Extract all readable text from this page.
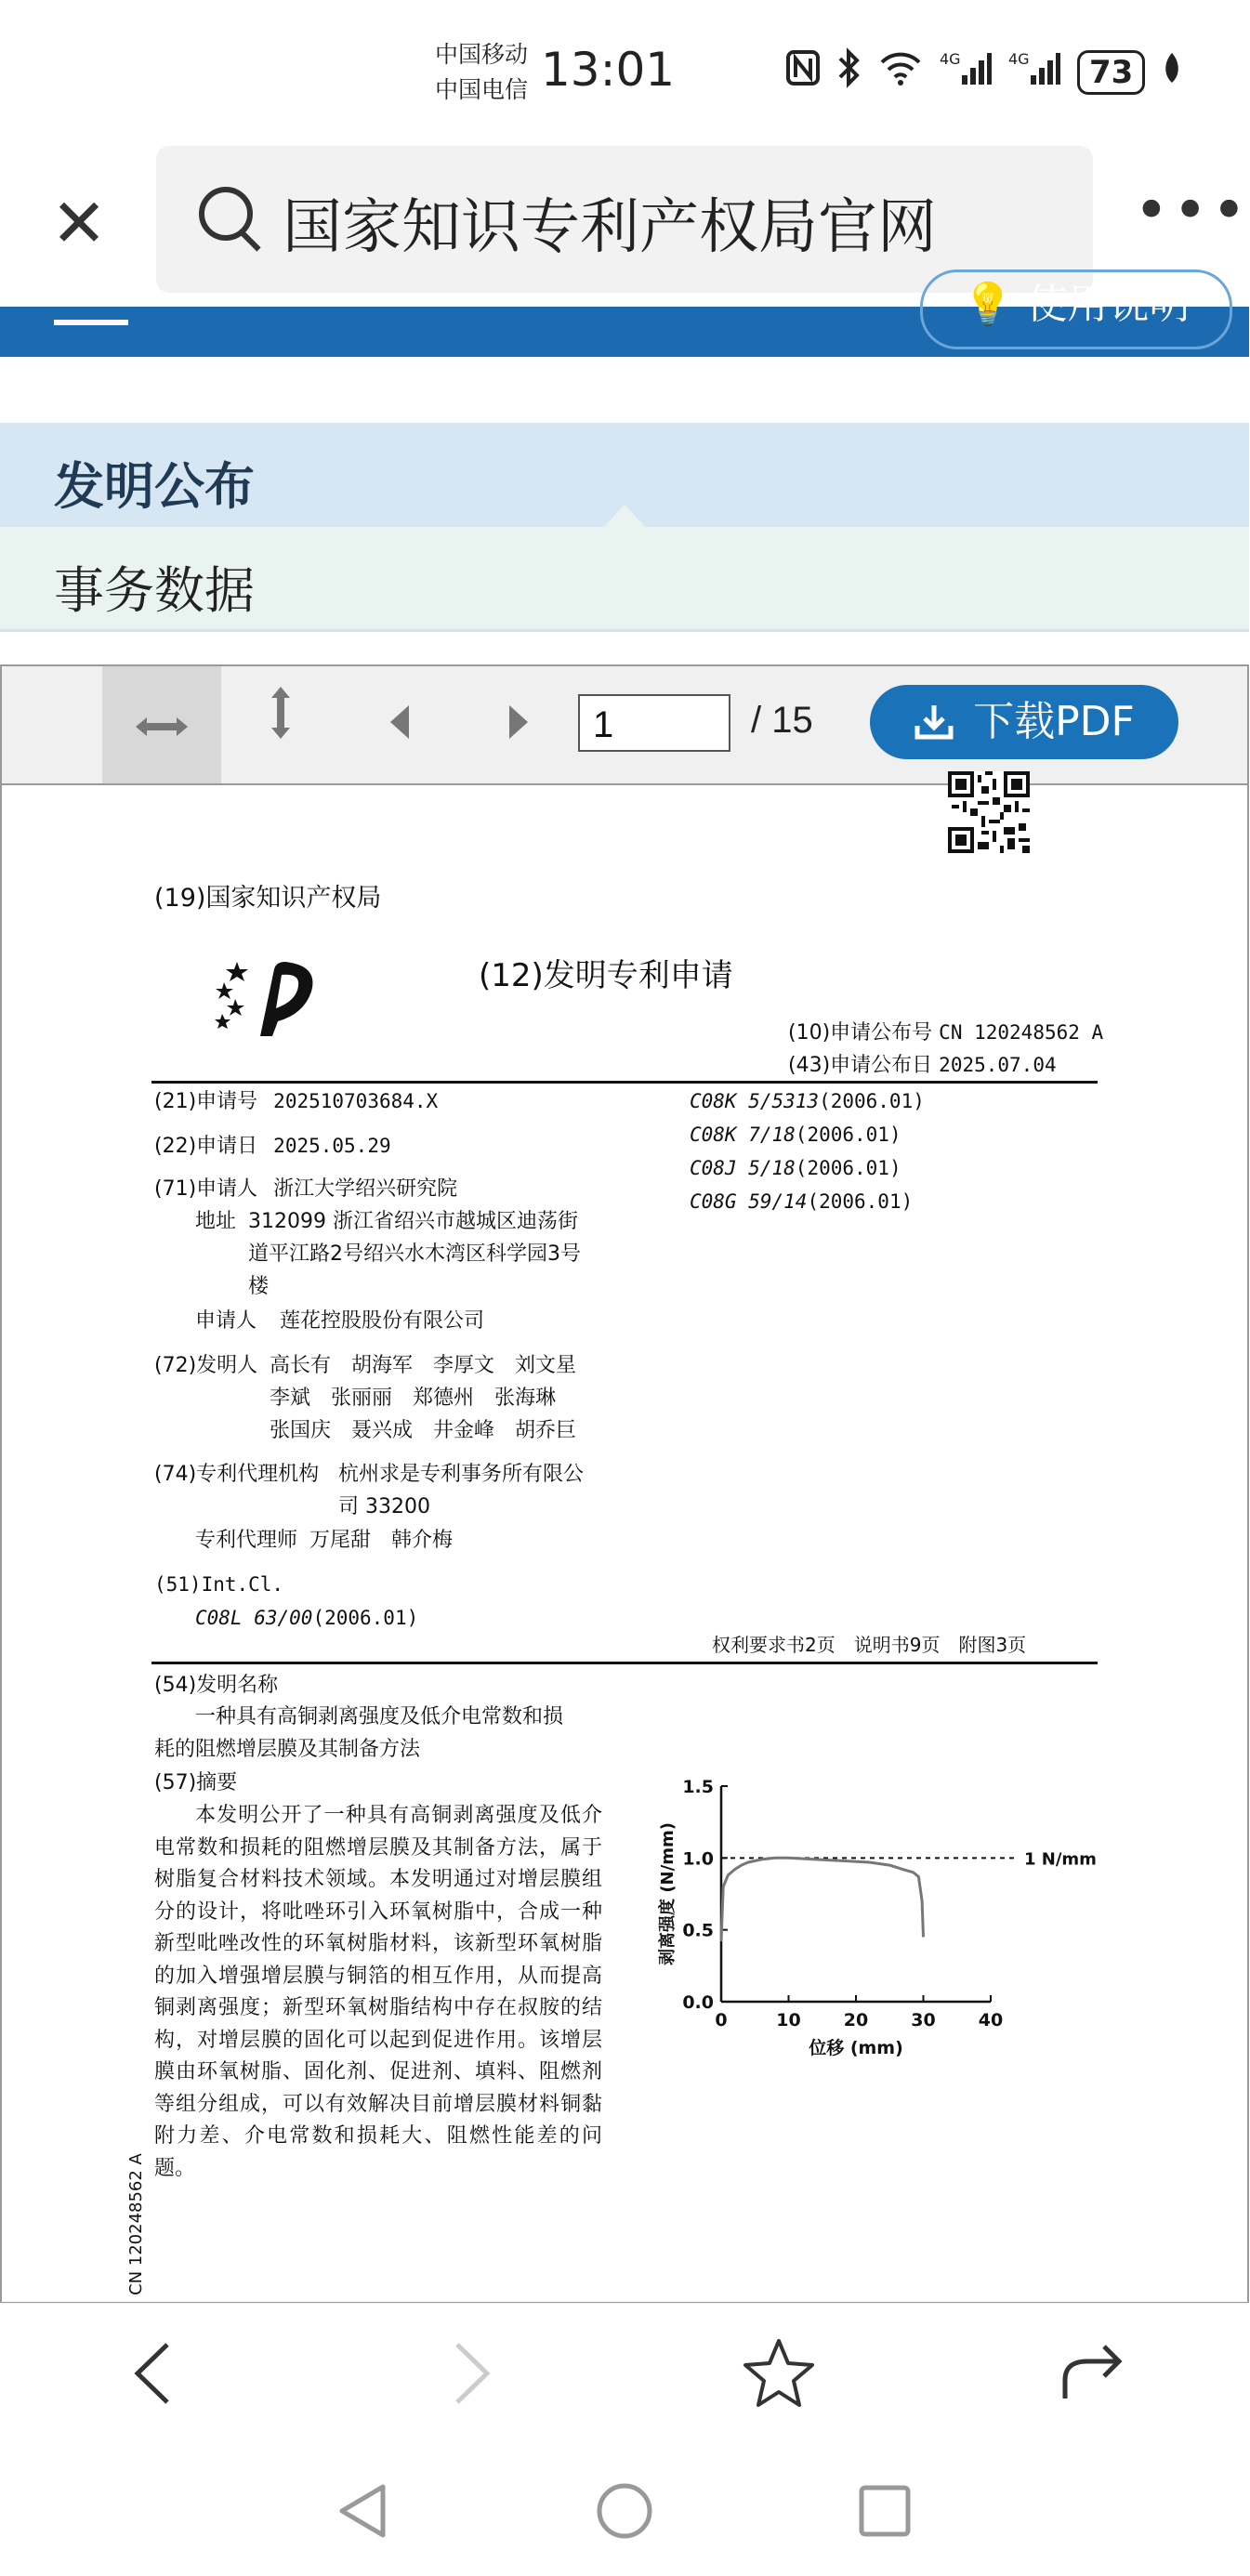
中国移动
中国电信 13:01	4G	4G	73
✕	国家知识专利产权局官网	•••
💡 使用说明
发明公布
事务数据
1	/ 15	下载PDF
(19)国家知识产权局
(12)发明专利申请
(10)申请公布号 CN 120248562 A
(43)申请公布日 2025.07.04
(21)申请号 202510703684.X
(22)申请日 2025.05.29
(71)申请人 浙江大学绍兴研究院
地址 312099 浙江省绍兴市越城区迪荡街
道平江路2号绍兴水木湾区科学园3号
楼
申请人 莲花控股股份有限公司
(72)发明人 高长有　胡海军　李厚文　刘文星
李斌　张丽丽　郑德州　张海琳
张国庆　聂兴成　井金峰　胡乔巨
(74)专利代理机构 杭州求是专利事务所有限公
司 33200
专利代理师 万尾甜　韩介梅
(51)Int.Cl.
C08L 63/00(2006.01)
C08K 5/5313(2006.01)
C08K 7/18(2006.01)
C08J 5/18(2006.01)
C08G 59/14(2006.01)
权利要求书2页　说明书9页　附图3页
(54)发明名称
一种具有高铜剥离强度及低介电常数和损
耗的阻燃增层膜及其制备方法
(57)摘要
本发明公开了一种具有高铜剥离强度及低介电常数和损耗的阻燃增层膜及其制备方法，属于树脂复合材料技术领域。本发明通过对增层膜组分的设计，将吡唑环引入环氧树脂中，合成一种新型吡唑改性的环氧树脂材料，该新型环氧树脂的加入增强增层膜与铜箔的相互作用，从而提高铜剥离强度；新型环氧树脂结构中存在叔胺的结构，对增层膜的固化可以起到促进作用。该增层膜由环氧树脂、固化剂、促进剂、填料、阻燃剂等组分组成，可以有效解决目前增层膜材料铜黏附力差、介电常数和损耗大、阻燃性能差的问题。
CN 120248562 A
0	10 20 30 40
0.0
0.5
1.0
1.5
位移 (mm)
剥离强度 (N/mm)	1 N/mm
